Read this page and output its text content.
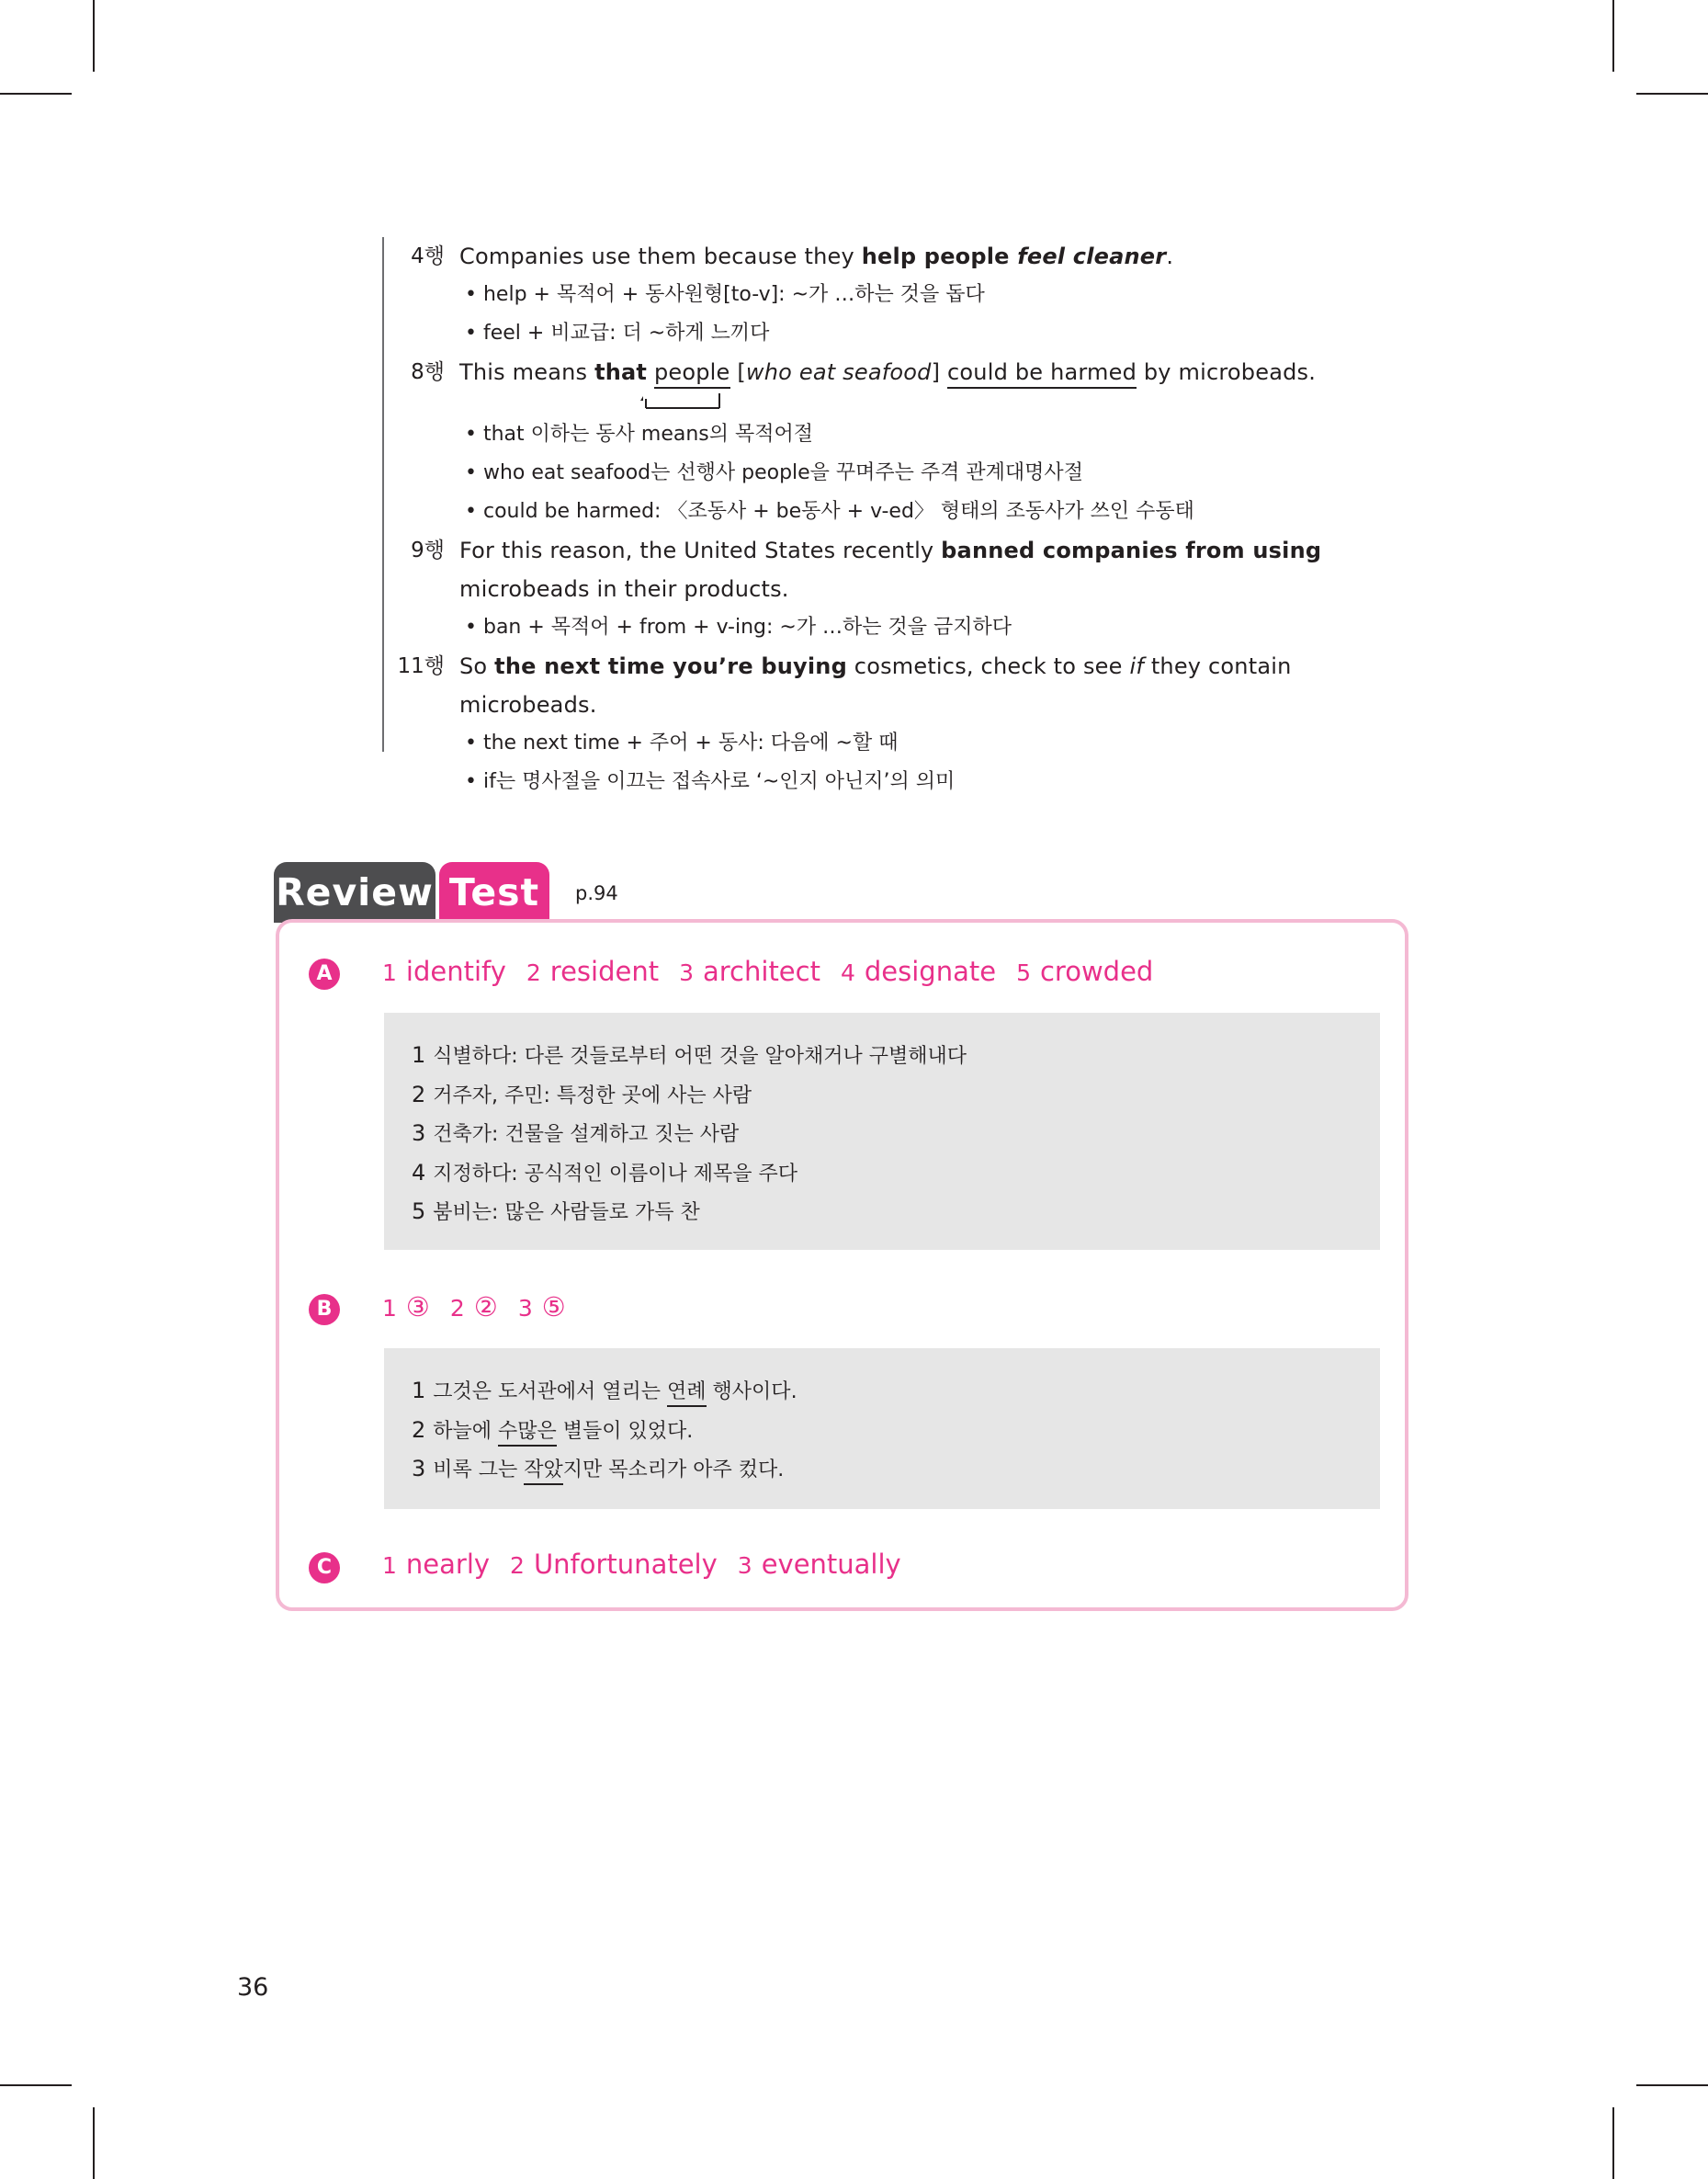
4행 Companies use them because they help people feel cleaner.
• help + 목적어 + 동사원형[to-v]: ~가 …하는 것을 돕다
• feel + 비교급: 더 ~하게 느끼다
8행 This means that people [who eat seafood] could be harmed by microbeads.
• that 이하는 동사 means의 목적어절
• who eat seafood는 선행사 people을 꾸며주는 주격 관계대명사절
• could be harmed: 〈조동사 + be동사 + v-ed〉 형태의 조동사가 쓰인 수동태
9행 For this reason, the United States recently banned companies from using microbeads in their products.
• ban + 목적어 + from + v-ing: ~가 …하는 것을 금지하다
11행 So the next time you’re buying cosmetics, check to see if they contain microbeads.
• the next time + 주어 + 동사: 다음에 ~할 때
• if는 명사절을 이끄는 접속사로 ‘~인지 아닌지’의 의미
Review Test	p.94
A	1 identify 2 resident 3 architect 4 designate 5 crowded
1 식별하다: 다른 것들로부터 어떤 것을 알아채거나 구별해내다
2 거주자, 주민: 특정한 곳에 사는 사람
3 건축가: 건물을 설계하고 짓는 사람
4 지정하다: 공식적인 이름이나 제목을 주다
5 붐비는: 많은 사람들로 가득 찬
B	1 ③ 2 ② 3 ⑤
1 그것은 도서관에서 열리는 연례 행사이다.
2 하늘에 수많은 별들이 있었다.
3 비록 그는 작았지만 목소리가 아주 컸다.
C	1 nearly 2 Unfortunately 3 eventually
36
